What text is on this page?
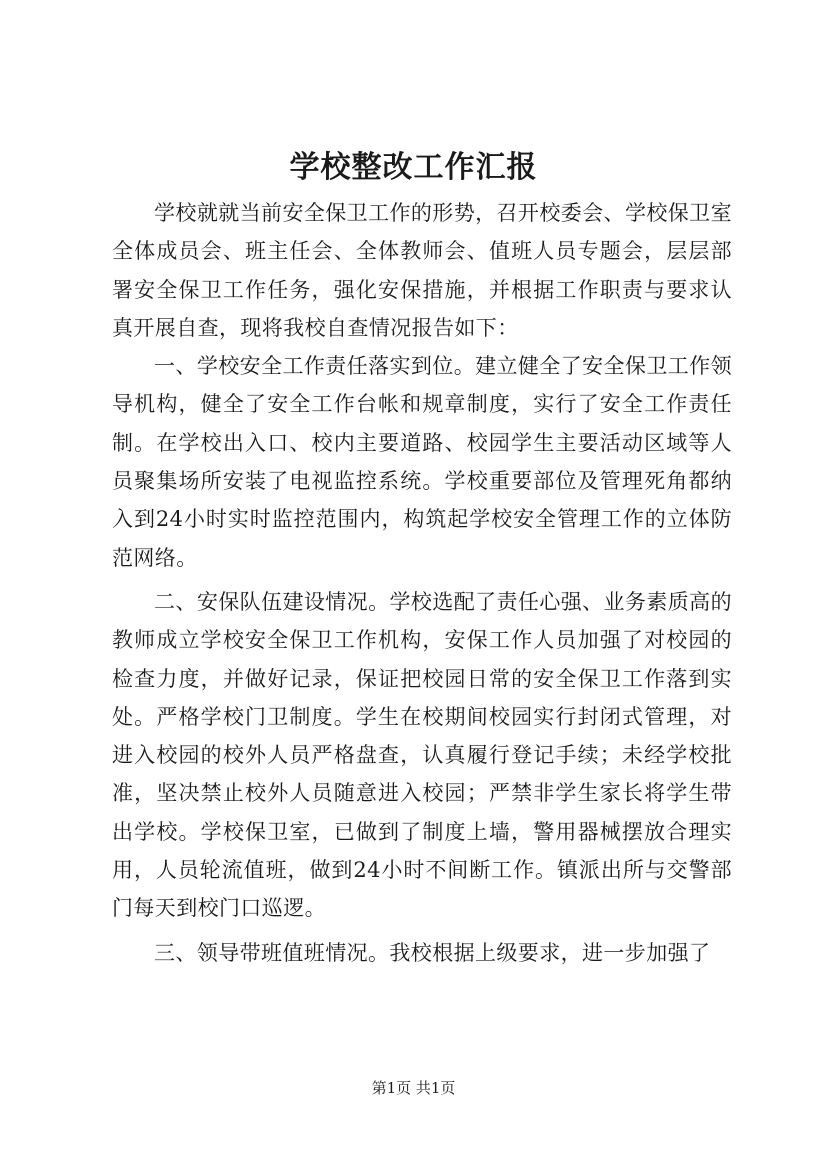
学校整改工作汇报

学校就就当前安全保卫工作的形势，召开校委会、学校保卫室全体成员会、班主任会、全体教师会、值班人员专题会，层层部署安全保卫工作任务，强化安保措施，并根据工作职责与要求认真开展自查，现将我校自查情况报告如下：

一、学校安全工作责任落实到位。建立健全了安全保卫工作领导机构，健全了安全工作台帐和规章制度，实行了安全工作责任制。在学校出入口、校内主要道路、校园学生主要活动区域等人员聚集场所安装了电视监控系统。学校重要部位及管理死角都纳入到24小时实时监控范围内，构筑起学校安全管理工作的立体防范网络。

二、安保队伍建设情况。学校选配了责任心强、业务素质高的教师成立学校安全保卫工作机构，安保工作人员加强了对校园的检查力度，并做好记录，保证把校园日常的安全保卫工作落到实处。严格学校门卫制度。学生在校期间校园实行封闭式管理，对进入校园的校外人员严格盘查，认真履行登记手续；未经学校批准，坚决禁止校外人员随意进入校园；严禁非学生家长将学生带出学校。学校保卫室，已做到了制度上墙，警用器械摆放合理实用，人员轮流值班，做到24小时不间断工作。镇派出所与交警部门每天到校门口巡逻。

三、领导带班值班情况。我校根据上级要求，进一步加强了

第1页 共1页
